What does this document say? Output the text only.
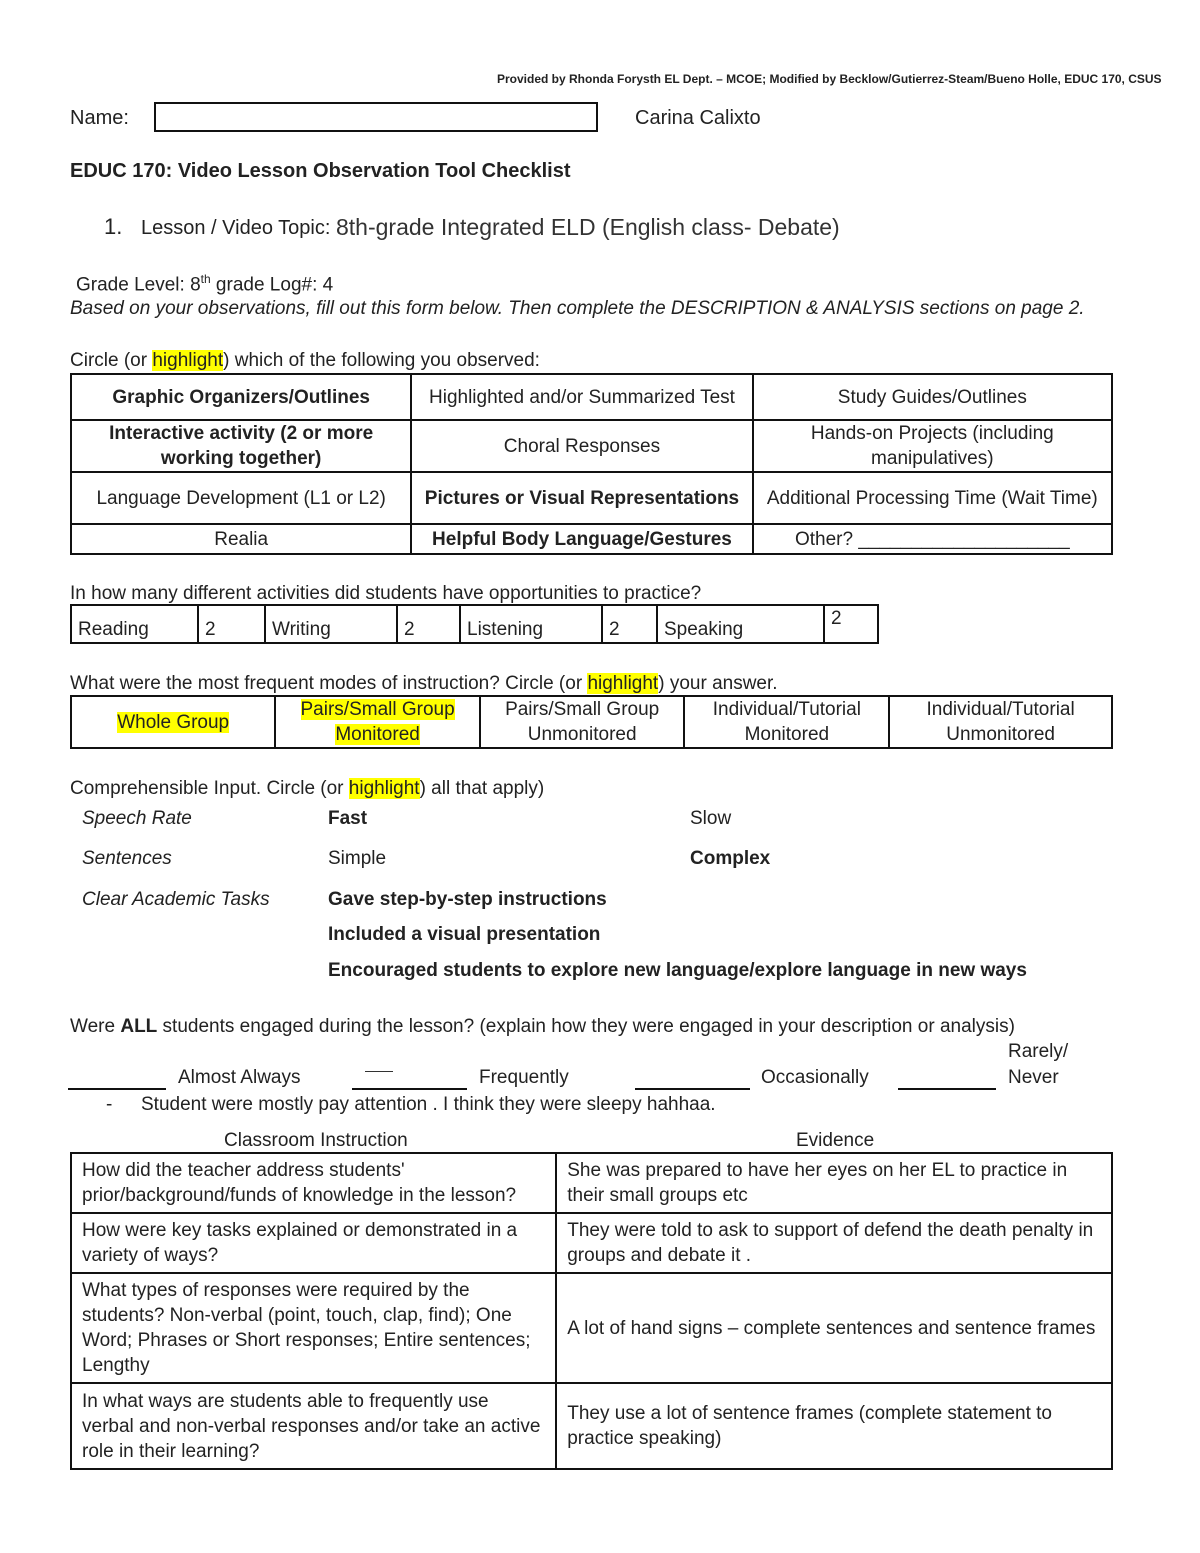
Provided by Rhonda Forysth EL Dept. – MCOE; Modified by Becklow/Gutierrez-Steam/Bueno Holle, EDUC 170, CSUS
Name:	Carina Calixto
EDUC 170: Video Lesson Observation Tool Checklist
1. Lesson / Video Topic: 8th-grade Integrated ELD (English class- Debate)
Grade Level: 8th grade Log#: 4
Based on your observations, fill out this form below. Then complete the DESCRIPTION & ANALYSIS sections on page 2.
Circle (or highlight) which of the following you observed:
Graphic Organizers/Outlines	Highlighted and/or Summarized Test	Study Guides/Outlines
Interactive activity (2 or more working together)	Choral Responses	Hands-on Projects (including manipulatives)
Language Development (L1 or L2)	Pictures or Visual Representations	Additional Processing Time (Wait Time)
Realia	Helpful Body Language/Gestures	Other? ____________________
In how many different activities did students have opportunities to practice?
Reading	2	Writing	2	Listening	2	Speaking	2
What were the most frequent modes of instruction? Circle (or highlight) your answer.
Whole Group	Pairs/Small Group Monitored	Pairs/Small Group Unmonitored	Individual/Tutorial Monitored	Individual/Tutorial Unmonitored
Comprehensible Input. Circle (or highlight) all that apply)
Speech Rate	Fast	Slow
Sentences	Simple	Complex
Clear Academic Tasks	Gave step-by-step instructions
Included a visual presentation
Encouraged students to explore new language/explore language in new ways
Were ALL students engaged during the lesson? (explain how they were engaged in your description or analysis)
Almost Always	——	Frequently	Occasionally
Rarely/
Never
- Student were mostly pay attention . I think they were sleepy hahhaa.
Classroom Instruction	Evidence
How did the teacher address students' prior/background/funds of knowledge in the lesson?	She was prepared to have her eyes on her EL to practice in their small groups etc
How were key tasks explained or demonstrated in a variety of ways?	They were told to ask to support of defend the death penalty in groups and debate it .
What types of responses were required by the students? Non-verbal (point, touch, clap, find); One Word; Phrases or Short responses; Entire sentences; Lengthy	A lot of hand signs – complete sentences and sentence frames
In what ways are students able to frequently use verbal and non-verbal responses and/or take an active role in their learning?	They use a lot of sentence frames (complete statement to practice speaking)
